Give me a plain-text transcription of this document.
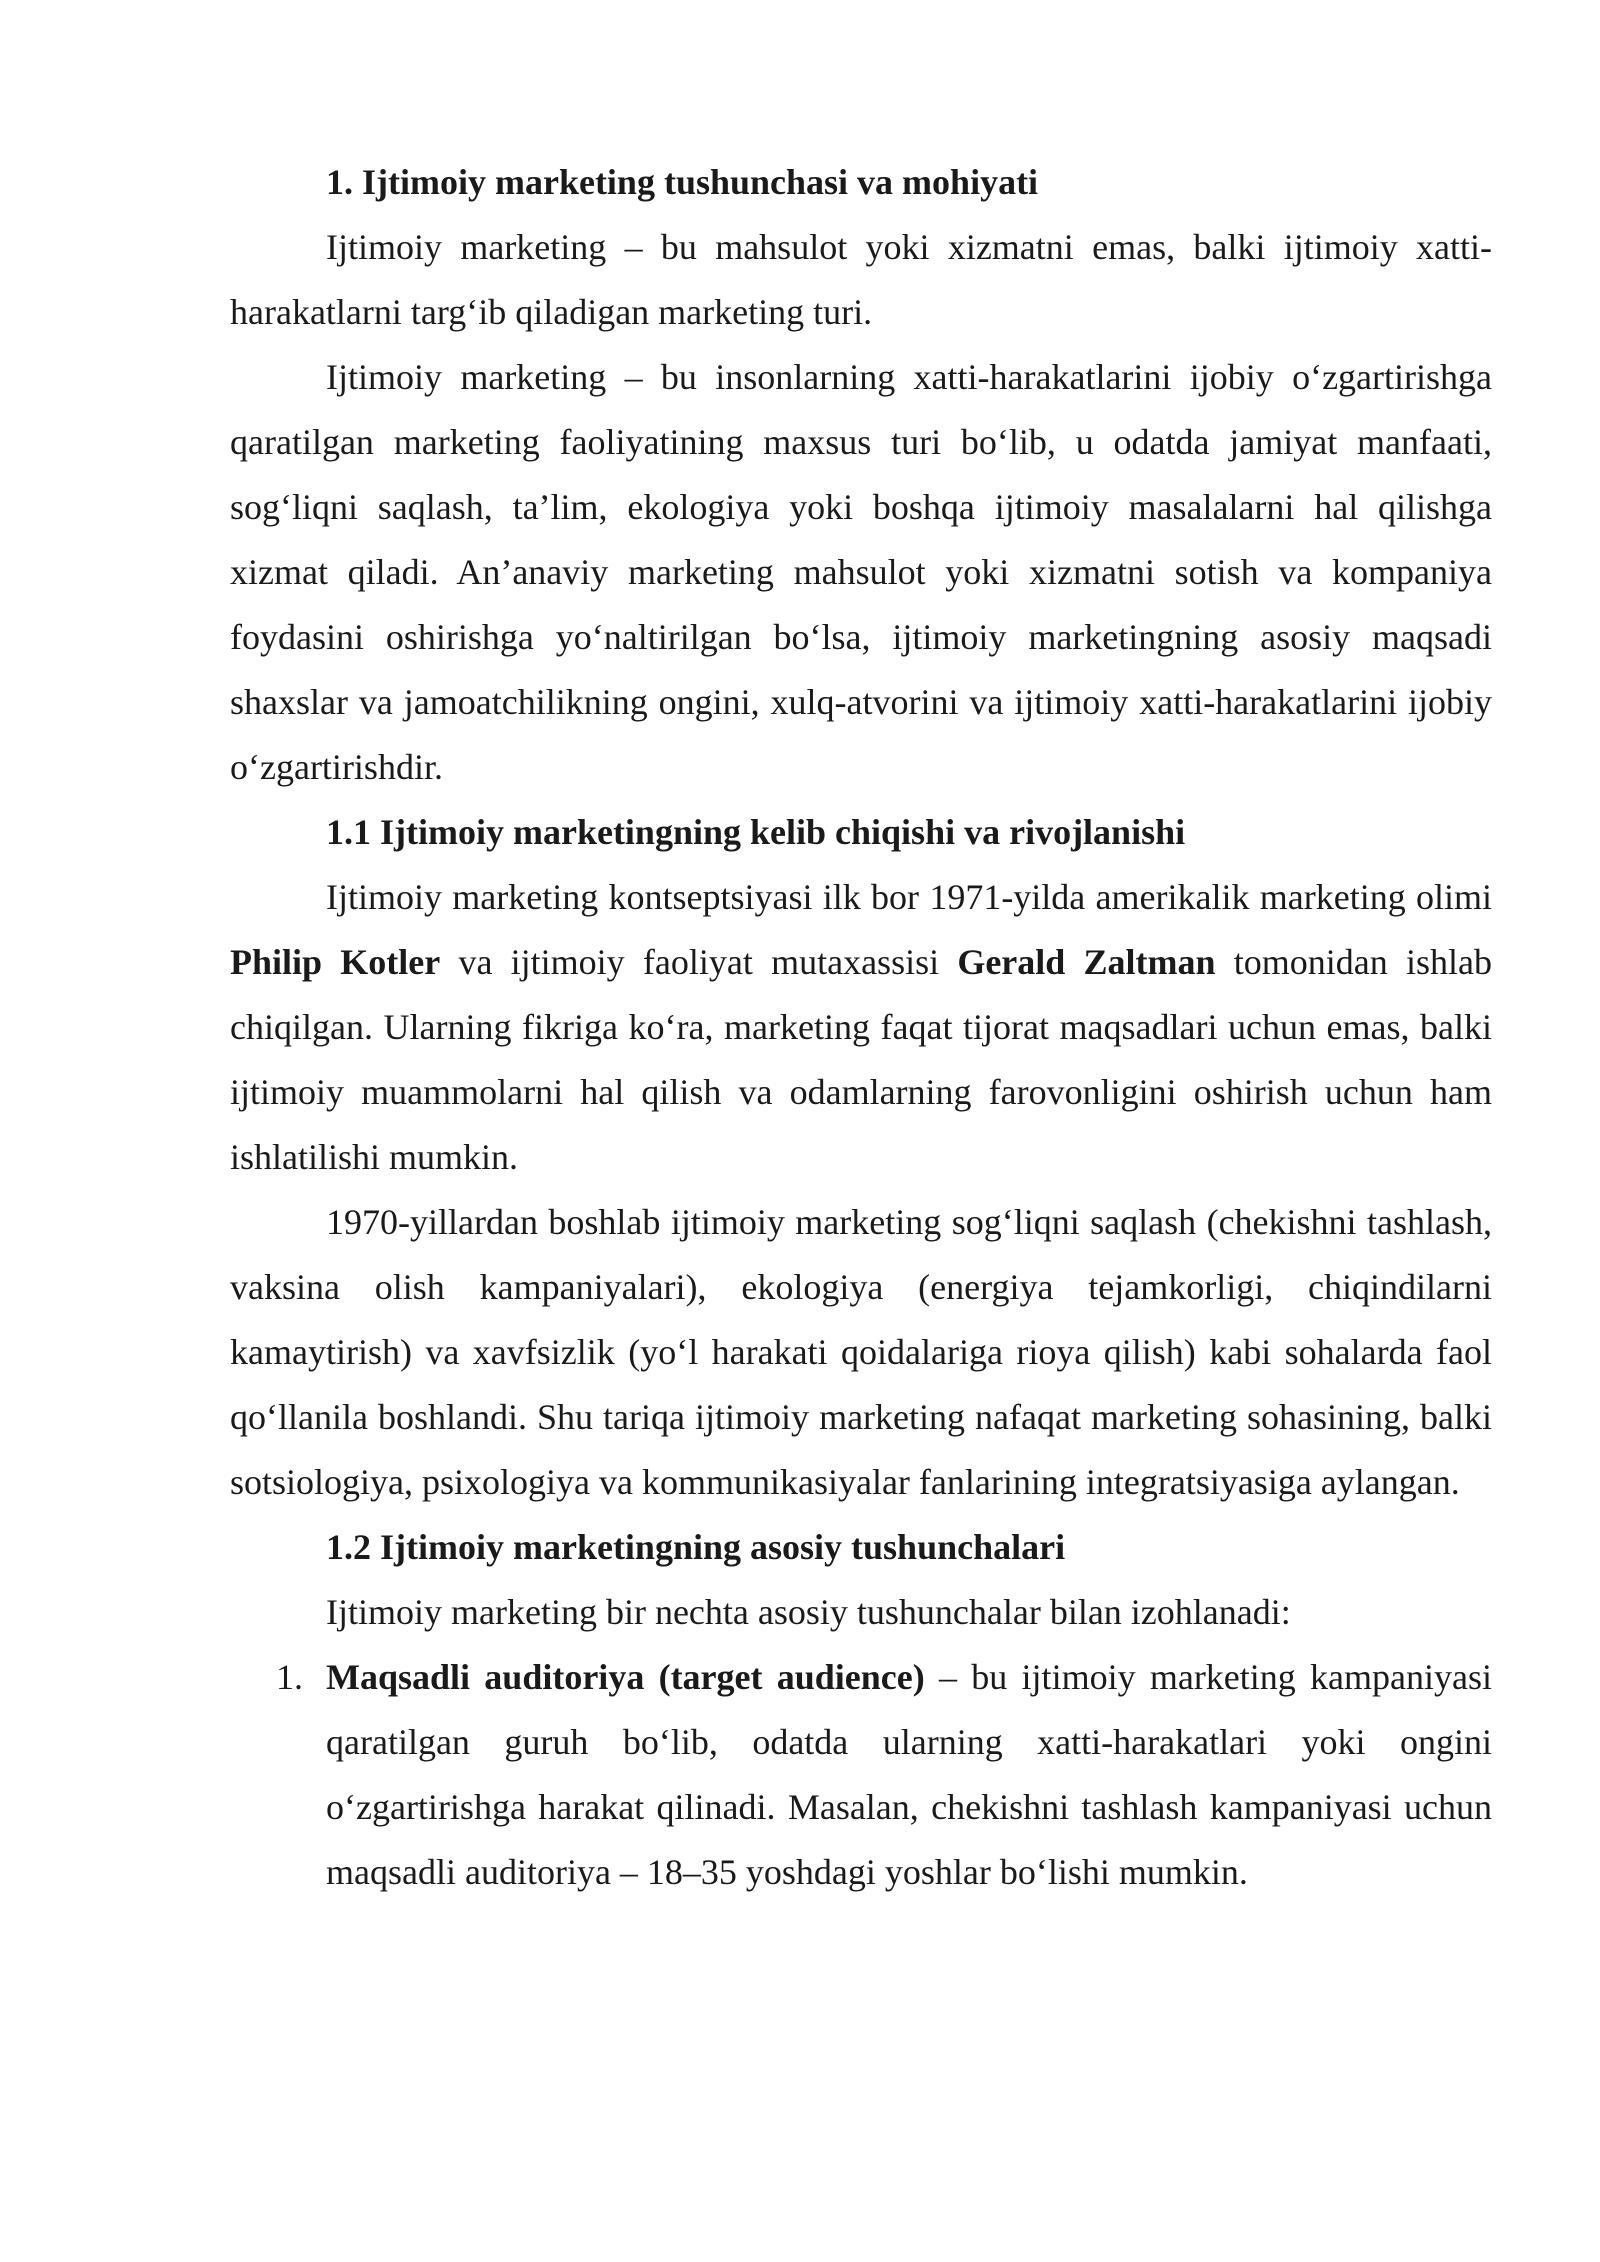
1. Ijtimoiy marketing tushunchasi va mohiyati

Ijtimoiy marketing – bu mahsulot yoki xizmatni emas, balki ijtimoiy xatti-harakatlarni targ‘ib qiladigan marketing turi.

Ijtimoiy marketing – bu insonlarning xatti-harakatlarini ijobiy o‘zgartirishga qaratilgan marketing faoliyatining maxsus turi bo‘lib, u odatda jamiyat manfaati, sog‘liqni saqlash, ta’lim, ekologiya yoki boshqa ijtimoiy masalalarni hal qilishga xizmat qiladi. An’anaviy marketing mahsulot yoki xizmatni sotish va kompaniya foydasini oshirishga yo‘naltirilgan bo‘lsa, ijtimoiy marketingning asosiy maqsadi shaxslar va jamoatchilikning ongini, xulq-atvorini va ijtimoiy xatti-harakatlarini ijobiy o‘zgartirishdir.

1.1 Ijtimoiy marketingning kelib chiqishi va rivojlanishi

Ijtimoiy marketing kontseptsiyasi ilk bor 1971-yilda amerikalik marketing olimi Philip Kotler va ijtimoiy faoliyat mutaxassisi Gerald Zaltman tomonidan ishlab chiqilgan. Ularning fikriga ko‘ra, marketing faqat tijorat maqsadlari uchun emas, balki ijtimoiy muammolarni hal qilish va odamlarning farovonligini oshirish uchun ham ishlatilishi mumkin.

1970-yillardan boshlab ijtimoiy marketing sog‘liqni saqlash (chekishni tashlash, vaksina olish kampaniyalari), ekologiya (energiya tejamkorligi, chiqindilarni kamaytirish) va xavfsizlik (yo‘l harakati qoidalariga rioya qilish) kabi sohalarda faol qo‘llanila boshlandi. Shu tariqa ijtimoiy marketing nafaqat marketing sohasining, balki sotsiologiya, psixologiya va kommunikasiyalar fanlarining integratsiyasiga aylangan.

1.2 Ijtimoiy marketingning asosiy tushunchalari

Ijtimoiy marketing bir nechta asosiy tushunchalar bilan izohlanadi:

1. Maqsadli auditoriya (target audience) – bu ijtimoiy marketing kampaniyasi qaratilgan guruh bo‘lib, odatda ularning xatti-harakatlari yoki ongini o‘zgartirishga harakat qilinadi. Masalan, chekishni tashlash kampaniyasi uchun maqsadli auditoriya – 18–35 yoshdagi yoshlar bo‘lishi mumkin.
